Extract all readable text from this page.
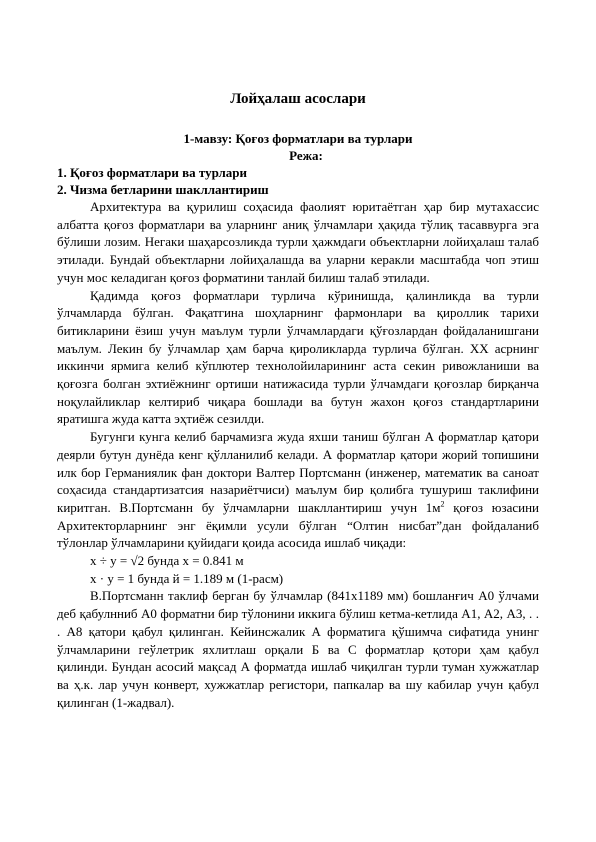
Лойҳалаш асослари
1-мавзу: Қоғоз форматлари ва турлари
Режа:
1. Қоғоз форматлари ва турлари
2. Чизма бетларини шакллантириш

Архитектура ва қурилиш соҳасида фаолият юритаётган ҳар бир мутахассис албатта қоғоз форматлари ва уларнинг аниқ ўлчамлари ҳақида тўлиқ тасаввурга эга бўлиши лозим. Негаки шаҳарсозликда турли ҳажмдаги объектларни лойиҳалаш талаб этилади. Бундай объектларни лойиҳалашда ва уларни керакли масштабда чоп этиш учун мос келадиган қоғоз форматини танлай билиш талаб этилади.

Қадимда қоғоз форматлари турлича кўринишда, қалинликда ва турли ўлчамларда бўлган. Фақатгина шоҳларнинг фармонлари ва қироллик тарихи битикларини ёзиш учун маълум турли ўлчамлардаги қўғозлардан фойдаланишгани маълум. Лекин бу ўлчамлар ҳам барча қироликларда турлича бўлган. XX асрнинг иккинчи ярмига келиб кўплютер технолойиларининг аста секин ривожланиши ва қоғозга болган эхтиёжнинг ортиши натижасида турли ўлчамдаги қоғозлар бирқанча ноқулайликлар келтириб чиқара бошлади ва бутун жахон қоғоз стандартларини яратишга жуда катта эҳтиёж сезилди.

Бугунги кунга келиб барчамизга жуда яхши таниш бўлган А форматлар қатори деярли бутун дунёда кенг қўлланилиб келади. А форматлар қатори жорий топишини илк бор Германиялик фан доктори Валтер Портсманн (инженер, математик ва саноат соҳасида стандартизатсия назариётчиси) маълум бир қолибга тушуриш таклифини киритган. В.Портсманн бу ўлчамларни шакллантириш учун $1м^2$ қоғоз юзасини Архитекторларнинг энг ёқимли усули бўлган “Олтин нисбат”дан фойдаланиб тўлонлар ўлчамларини қуйидаги қоида асосида ишлаб чиқади:

x ÷ y = √2 бунда x = 0.841 м

x · y = 1 бунда й = 1.189 м (1-расм)

В.Портсманн таклиф берган бу ўлчамлар (841х1189 мм) бошланғич А0 ўлчами деб қабулнниб А0 форматни бир тўлонини иккига бўлиш кетма-кетлида А1, А2, А3, . . . А8 қатори қабул қилинган. Кейинсжалик А форматига қўшимча сифатида унинг ўлчамларини геўлетрик яхлитлаш орқали Б ва С форматлар қотори ҳам қабул қилинди. Бундан асосий мақсад А форматда ишлаб чиқилган турли туман хужжатлар ва ҳ.к. лар учун конверт, хужжатлар регистори, папкалар ва шу кабилар учун қабул қилинган (1-жадвал).
